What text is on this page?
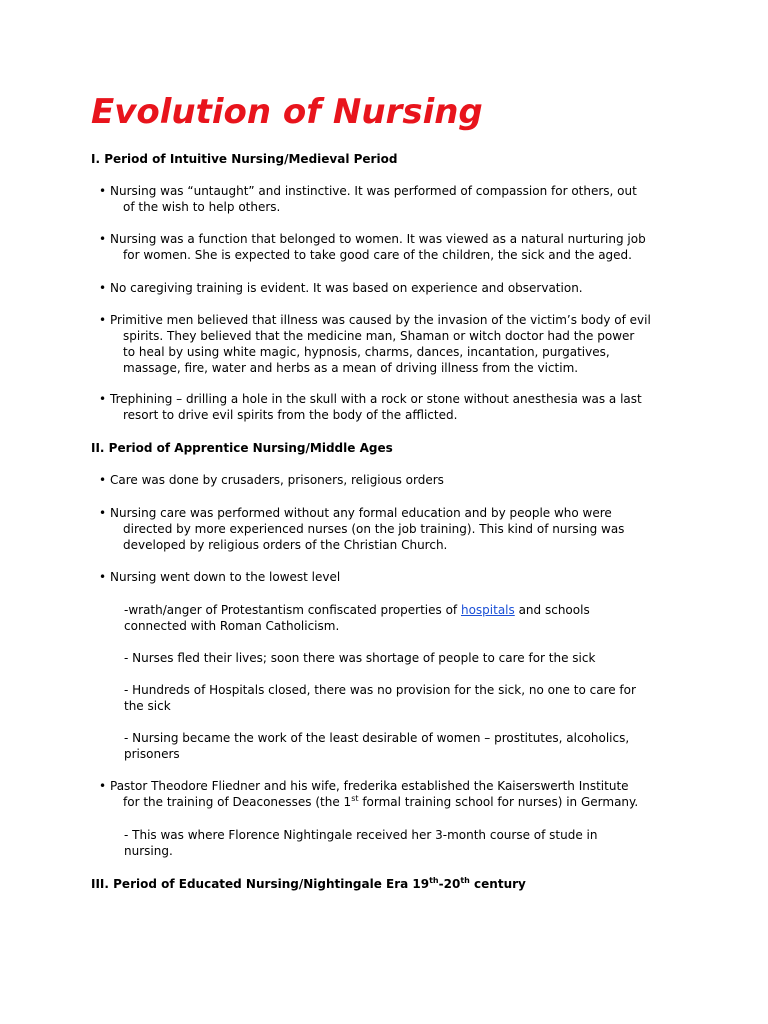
Evolution of Nursing
I. Period of Intuitive Nursing/Medieval Period
• Nursing was “untaught” and instinctive. It was performed of compassion for others, out
of the wish to help others.
• Nursing was a function that belonged to women. It was viewed as a natural nurturing job
for women. She is expected to take good care of the children, the sick and the aged.
• No caregiving training is evident. It was based on experience and observation.
• Primitive men believed that illness was caused by the invasion of the victim’s body of evil
spirits. They believed that the medicine man, Shaman or witch doctor had the power
to heal by using white magic, hypnosis, charms, dances, incantation, purgatives,
massage, fire, water and herbs as a mean of driving illness from the victim.
• Trephining – drilling a hole in the skull with a rock or stone without anesthesia was a last
resort to drive evil spirits from the body of the afflicted.
II. Period of Apprentice Nursing/Middle Ages
• Care was done by crusaders, prisoners, religious orders
• Nursing care was performed without any formal education and by people who were
directed by more experienced nurses (on the job training). This kind of nursing was
developed by religious orders of the Christian Church.
• Nursing went down to the lowest level
-wrath/anger of Protestantism confiscated properties of hospitals and schools
connected with Roman Catholicism.
- Nurses fled their lives; soon there was shortage of people to care for the sick
- Hundreds of Hospitals closed, there was no provision for the sick, no one to care for
the sick
- Nursing became the work of the least desirable of women – prostitutes, alcoholics,
prisoners
• Pastor Theodore Fliedner and his wife, frederika established the Kaiserswerth Institute
for the training of Deaconesses (the 1st formal training school for nurses) in Germany.
- This was where Florence Nightingale received her 3-month course of stude in
nursing.
III. Period of Educated Nursing/Nightingale Era 19th-20th century
